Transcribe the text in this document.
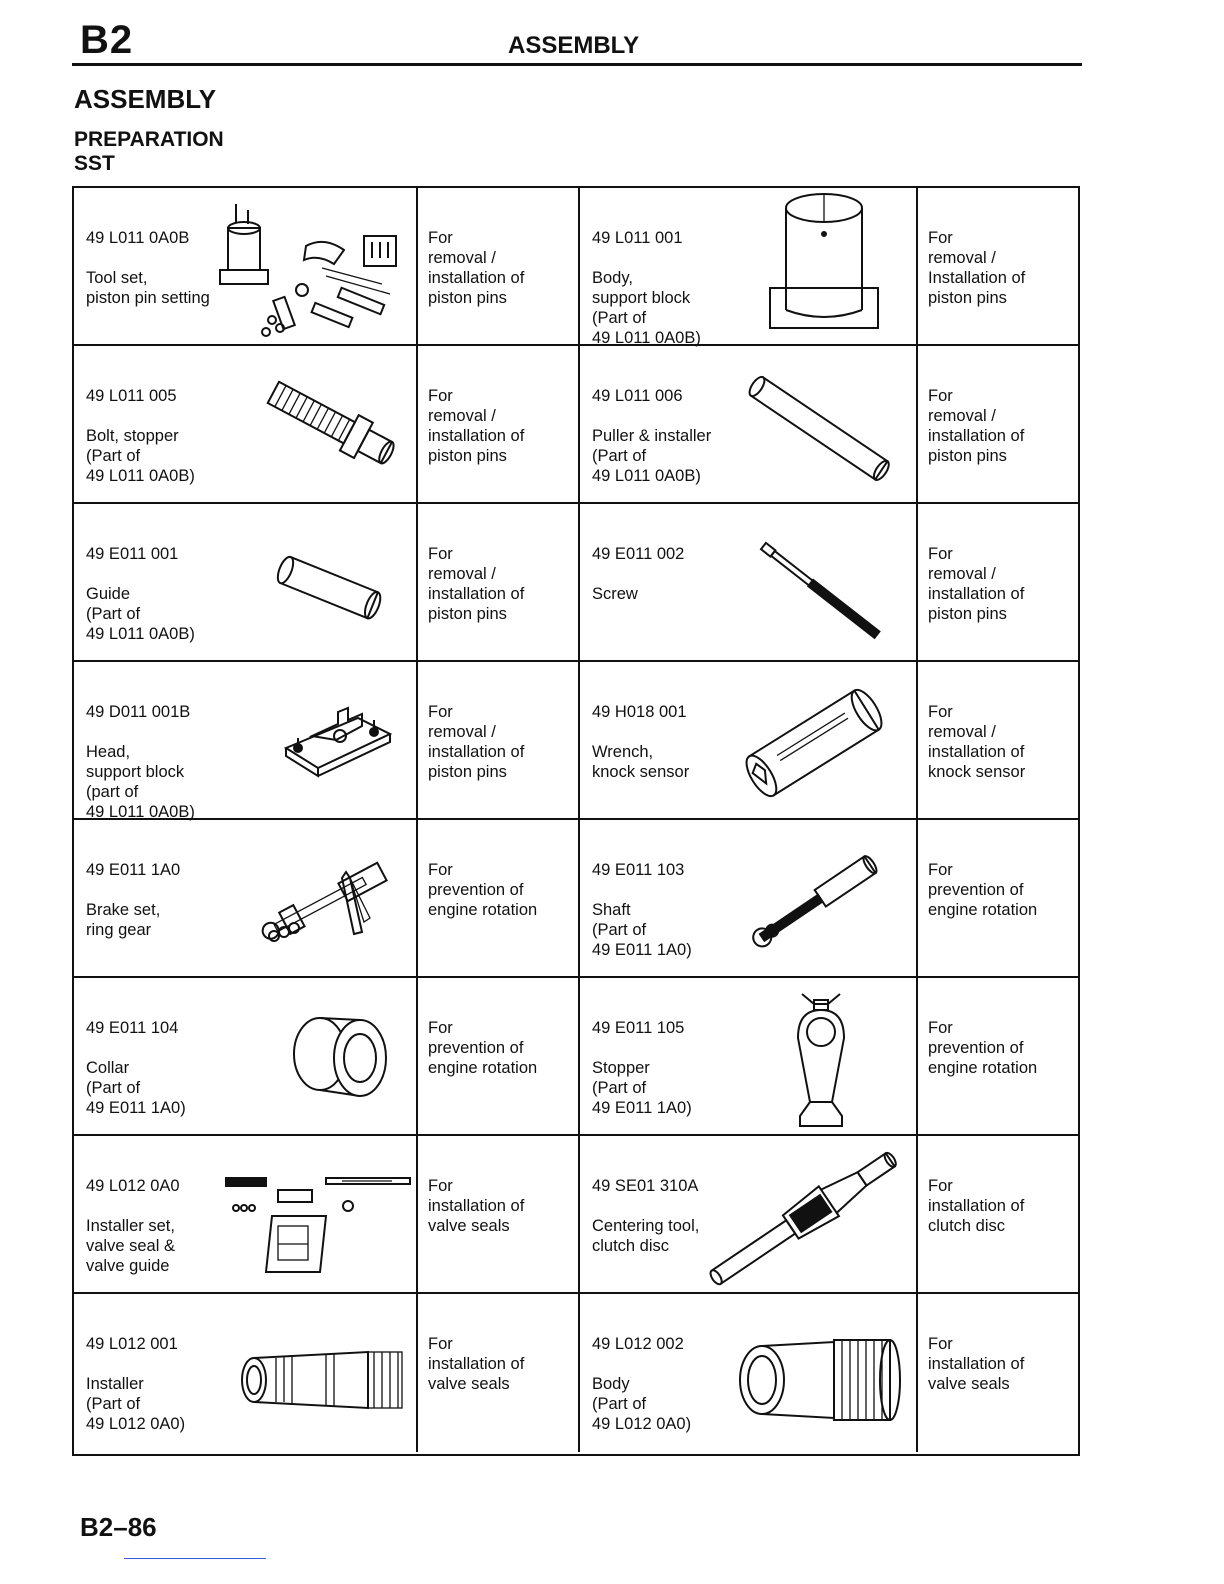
B2	ASSEMBLY
ASSEMBLY
PREPARATION
SST
49 L011 0A0B
Tool set,
piston pin setting
For
removal /
installation of
piston pins
49 L011 001
Body,
support block
(Part of
49 L011 0A0B)
For
removal /
Installation of
piston pins
49 L011 005
Bolt, stopper
(Part of
49 L011 0A0B)
For
removal /
installation of
piston pins
49 L011 006
Puller & installer
(Part of
49 L011 0A0B)
For
removal /
installation of
piston pins
49 E011 001
Guide
(Part of
49 L011 0A0B)
For
removal /
installation of
piston pins
49 E011 002
Screw
For
removal /
installation of
piston pins
49 D011 001B
Head,
support block
(part of
49 L011 0A0B)
For
removal /
installation of
piston pins
49 H018 001
Wrench,
knock sensor
For
removal /
installation of
knock sensor
49 E011 1A0
Brake set,
ring gear
For
prevention of
engine rotation
49 E011 103
Shaft
(Part of
49 E011 1A0)
For
prevention of
engine rotation
49 E011 104
Collar
(Part of
49 E011 1A0)
For
prevention of
engine rotation
49 E011 105
Stopper
(Part of
49 E011 1A0)
For
prevention of
engine rotation
49 L012 0A0
Installer set,
valve seal &
valve guide
For
installation of
valve seals
49 SE01 310A
Centering tool,
clutch disc
For
installation of
clutch disc
49 L012 001
Installer
(Part of
49 L012 0A0)
For
installation of
valve seals
49 L012 002
Body
(Part of
49 L012 0A0)
For
installation of
valve seals
B2–86
